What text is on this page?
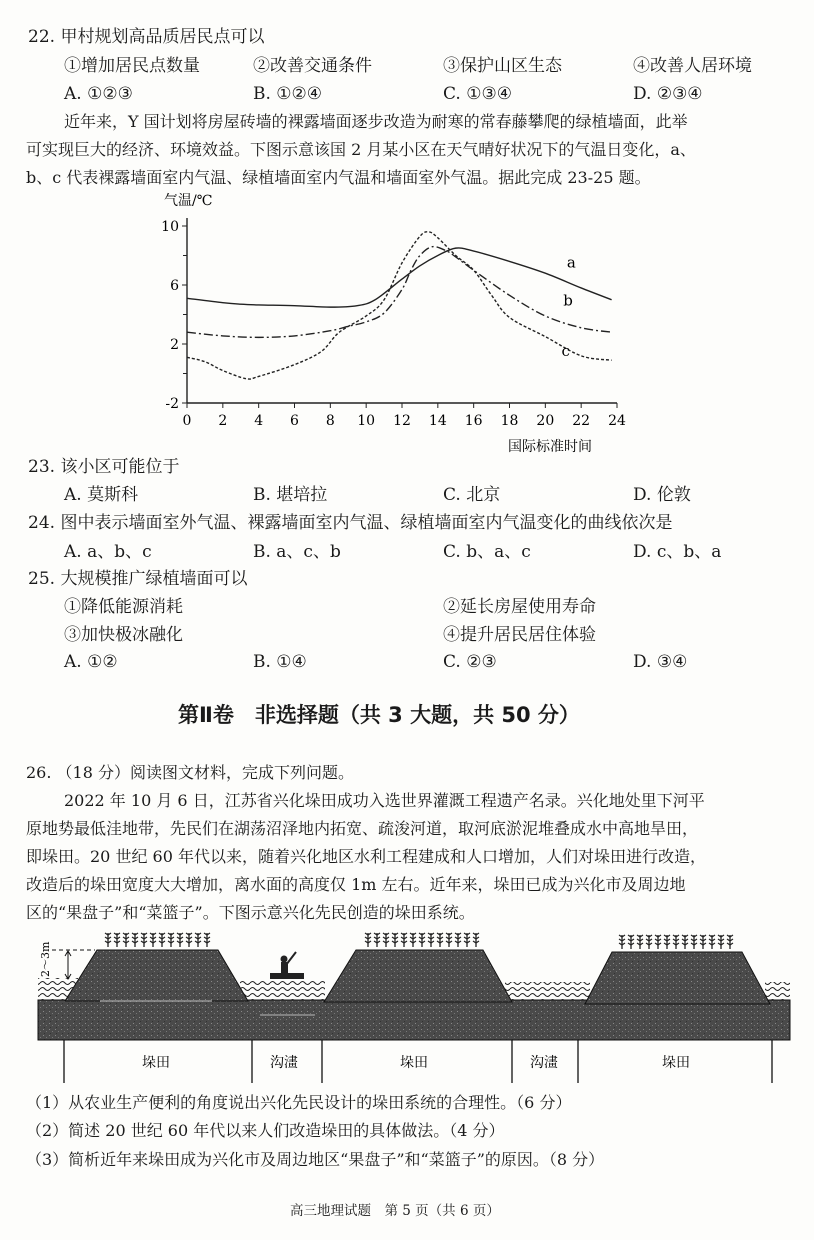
22. 甲村规划高品质居民点可以
①增加居民点数量	②改善交通条件	③保护山区生态	④改善人居环境
A. ①②③	B. ①②④	C. ①③④	D. ②③④
近年来，Y 国计划将房屋砖墙的裸露墙面逐步改造为耐寒的常春藤攀爬的绿植墙面，此举
可实现巨大的经济、环境效益。下图示意该国 2 月某小区在天气晴好状况下的气温日变化，a、
b、c 代表裸露墙面室内气温、绿植墙面室内气温和墙面室外气温。据此完成 23-25 题。
气温/℃
国际标准时间
0 2 4 6 8 10 12 14 16 18 20 22 24
10
6
2
-2
a
b
c
23. 该小区可能位于
A. 莫斯科	B. 堪培拉	C. 北京	D. 伦敦
24. 图中表示墙面室外气温、裸露墙面室内气温、绿植墙面室内气温变化的曲线依次是
A. a、b、c	B. a、c、b	C. b、a、c	D. c、b、a
25. 大规模推广绿植墙面可以
①降低能源消耗	②延长房屋使用寿命
③加快极冰融化	④提升居民居住体验
A. ①②	B. ①④	C. ②③	D. ③④
第Ⅱ卷　非选择题（共 3 大题，共 50 分）
26. （18 分）阅读图文材料，完成下列问题。
2022 年 10 月 6 日，江苏省兴化垛田成功入选世界灌溉工程遗产名录。兴化地处里下河平
原地势最低洼地带，先民们在湖荡沼泽地内拓宽、疏浚河道，取河底淤泥堆叠成水中高地旱田，
即垛田。20 世纪 60 年代以来，随着兴化地区水利工程建成和人口增加，人们对垛田进行改造，
改造后的垛田宽度大大增加，离水面的高度仅 1m 左右。近年来，垛田已成为兴化市及周边地
区的“果盘子”和“菜篮子”。下图示意兴化先民创造的垛田系统。
2～3m
垛田	沟澅	垛田	沟澅	垛田
（1）从农业生产便利的角度说出兴化先民设计的垛田系统的合理性。（6 分）
（2）简述 20 世纪 60 年代以来人们改造垛田的具体做法。（4 分）
（3）简析近年来垛田成为兴化市及周边地区“果盘子”和“菜篮子”的原因。（8 分）
高三地理试题　第 5 页（共 6 页）
